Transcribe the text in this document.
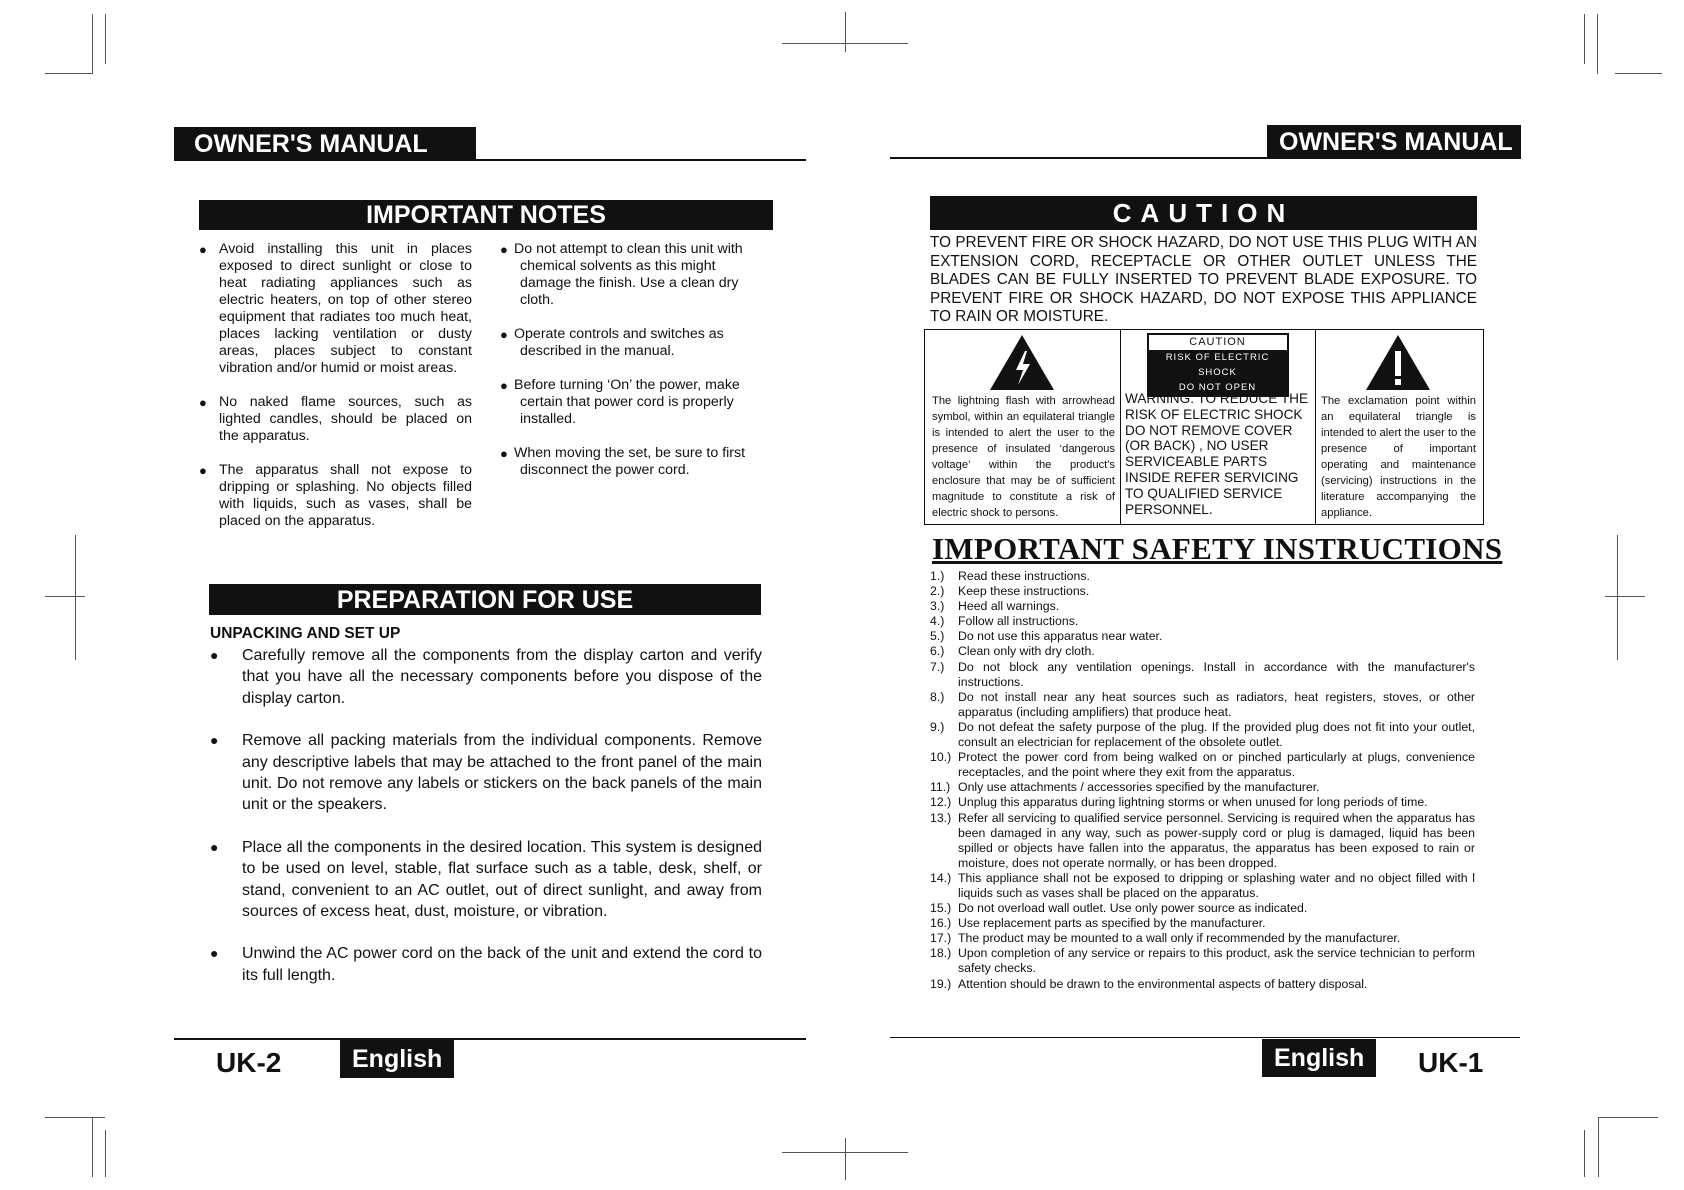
OWNER'S MANUAL
IMPORTANT NOTES
● Avoid installing this unit in places exposed to direct sunlight or close to heat radiating appliances such as electric heaters, on top of other stereo equipment that radiates too much heat, places lacking ventilation or dusty areas, places subject to constant vibration and/or humid or moist areas.
● No naked flame sources, such as lighted candles, should be placed on the apparatus.
● The apparatus shall not expose to dripping or splashing. No objects filled with liquids, such as vases, shall be placed on the apparatus.
● Do not attempt to clean this unit with chemical solvents as this might damage the finish. Use a clean dry cloth.
● Operate controls and switches as described in the manual.
● Before turning ‘On’ the power, make certain that power cord is properly installed.
● When moving the set, be sure to first disconnect the power cord.
PREPARATION FOR USE
UNPACKING AND SET UP
● Carefully remove all the components from the display carton and verify that you have all the necessary components before you dispose of the display carton.
● Remove all packing materials from the individual components. Remove any descriptive labels that may be attached to the front panel of the main unit. Do not remove any labels or stickers on the back panels of the main unit or the speakers.
● Place all the components in the desired location. This system is designed to be used on level, stable, flat surface such as a table, desk, shelf, or stand, convenient to an AC outlet, out of direct sunlight, and away from sources of excess heat, dust, moisture, or vibration.
● Unwind the AC power cord on the back of the unit and extend the cord to its full length.
UK-2	English
OWNER'S MANUAL
CAUTION
TO PREVENT FIRE OR SHOCK HAZARD, DO NOT USE THIS PLUG WITH AN EXTENSION CORD, RECEPTACLE OR OTHER OUTLET UNLESS THE BLADES CAN BE FULLY INSERTED TO PREVENT BLADE EXPOSURE. TO PREVENT FIRE OR SHOCK HAZARD, DO NOT EXPOSE THIS APPLIANCE TO RAIN OR MOISTURE.
The lightning flash with arrowhead symbol, within an equilateral triangle is intended to alert the user to the presence of insulated ‘dangerous voltage’ within the product's enclosure that may be of sufficient magnitude to constitute a risk of electric shock to persons.
CAUTION
RISK OF ELECTRIC SHOCK
DO NOT OPEN
WARNING: TO REDUCE THE RISK OF ELECTRIC SHOCK DO NOT REMOVE COVER (OR BACK) , NO USER SERVICEABLE PARTS INSIDE REFER SERVICING TO QUALIFIED SERVICE PERSONNEL.
The exclamation point within an equilateral triangle is intended to alert the user to the presence of important operating and maintenance (servicing) instructions in the literature accompanying the appliance.
IMPORTANT SAFETY INSTRUCTIONS
1.) Read these instructions.
2.) Keep these instructions.
3.) Heed all warnings.
4.) Follow all instructions.
5.) Do not use this apparatus near water.
6.) Clean only with dry cloth.
7.) Do not block any ventilation openings. Install in accordance with the manufacturer's instructions.
8.) Do not install near any heat sources such as radiators, heat registers, stoves, or other apparatus (including amplifiers) that produce heat.
9.) Do not defeat the safety purpose of the plug. If the provided plug does not fit into your outlet, consult an electrician for replacement of the obsolete outlet.
10.) Protect the power cord from being walked on or pinched particularly at plugs, convenience receptacles, and the point where they exit from the apparatus.
11.) Only use attachments / accessories specified by the manufacturer.
12.) Unplug this apparatus during lightning storms or when unused for long periods of time.
13.) Refer all servicing to qualified service personnel. Servicing is required when the apparatus has been damaged in any way, such as power-supply cord or plug is damaged, liquid has been spilled or objects have fallen into the apparatus, the apparatus has been exposed to rain or moisture, does not operate normally, or has been dropped.
14.) This appliance shall not be exposed to dripping or splashing water and no object filled with l liquids such as vases shall be placed on the apparatus.
15.) Do not overload wall outlet. Use only power source as indicated.
16.) Use replacement parts as specified by the manufacturer.
17.) The product may be mounted to a wall only if recommended by the manufacturer.
18.) Upon completion of any service or repairs to this product, ask the service technician to perform safety checks.
19.) Attention should be drawn to the environmental aspects of battery disposal.
English	UK-1
